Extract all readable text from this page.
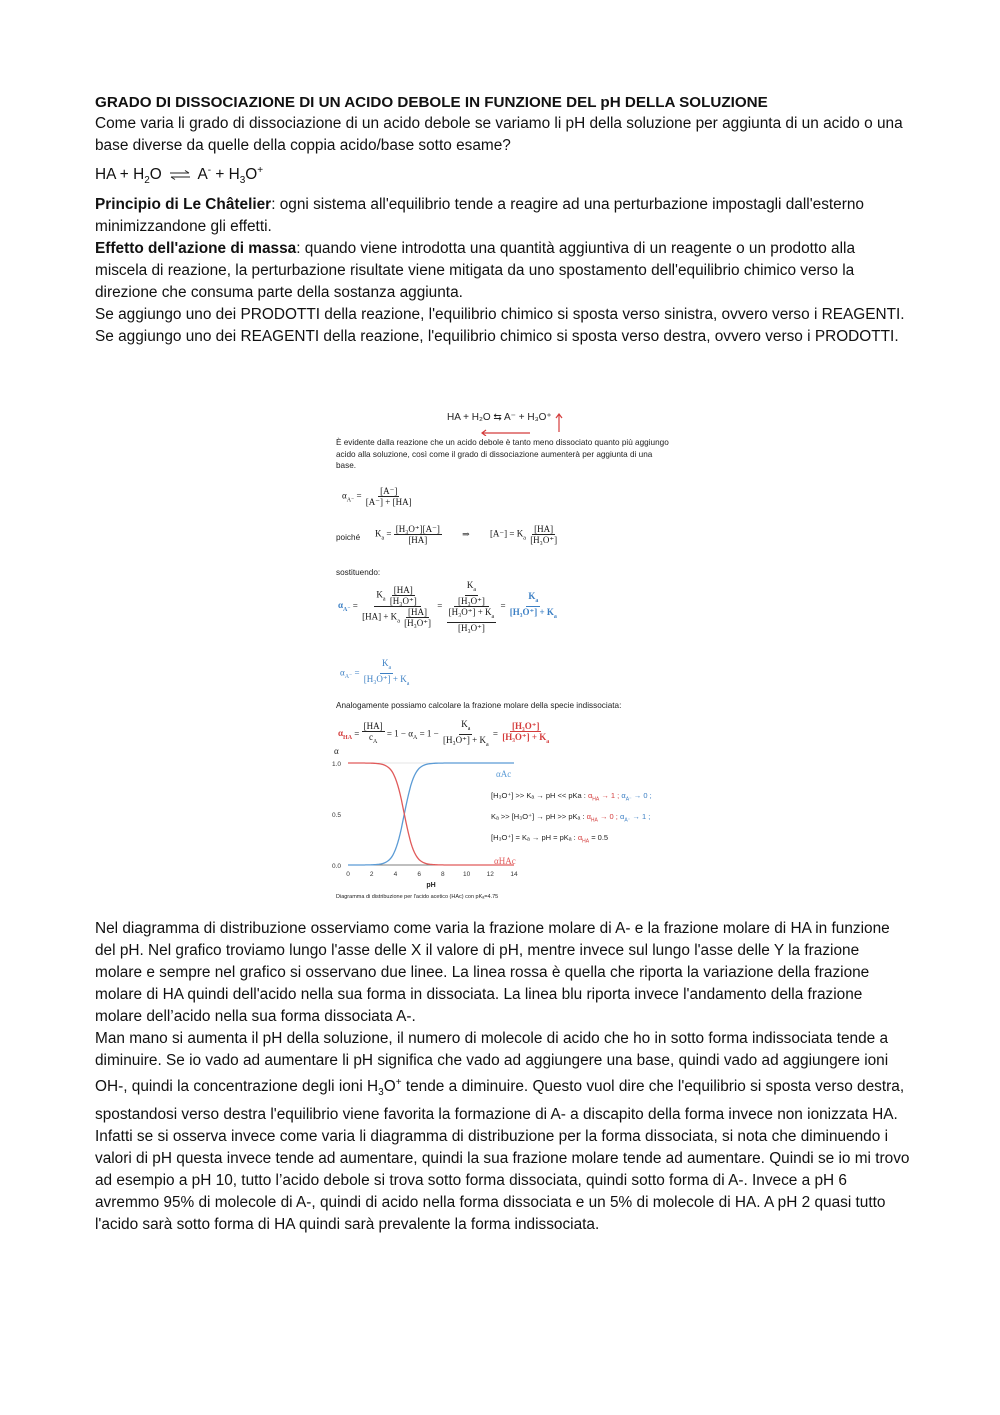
GRADO DI DISSOCIAZIONE DI UN ACIDO DEBOLE IN FUNZIONE DEL pH DELLA SOLUZIONE

Come varia li grado di dissociazione di un acido debole se variamo li pH della soluzione per aggiunta di un acido o una base diverse da quelle della coppia acido/base sotto esame?

HA + $H_2O$ ⇌ $A^- + H_3O^+$

Principio di Le Châtelier: ogni sistema all'equilibrio tende a reagire ad una perturbazione impostagli dall'esterno minimizzandone gli effetti.

Effetto dell'azione di massa: quando viene introdotta una quantità aggiuntiva di un reagente o un prodotto alla miscela di reazione, la perturbazione risultate viene mitigata da uno spostamento dell'equilibrio chimico verso la direzione che consuma parte della sostanza aggiunta.

Se aggiungo uno dei PRODOTTI della reazione, l'equilibrio chimico si sposta verso sinistra, ovvero verso i REAGENTI.

Se aggiungo uno dei REAGENTI della reazione, l'equilibrio chimico si sposta verso destra, ovvero verso i PRODOTTI.

HA + H₂O ⇆ A⁻ + H₃O⁺
È evidente dalla reazione che un acido debole è tanto meno dissociato quanto più aggiungo acido alla soluzione, così come il grado di dissociazione aumenterà per aggiunta di una base.
$\alpha_{A^-} = \frac{[A^-]}{[A^-] + [HA]}$
poiché $K_a = \frac{\text{[H₃O⁺][A⁻]}}{[HA]}$ ⇒ $[A^-] = K_a \frac{[HA]}{\text{[H₃O⁺]}}$
sostituendo:
$\alpha_{A^-} = \frac{K_a \frac{[HA]}{\text{[H₃O⁺]}}}{[HA] + K_a \frac{[HA]}{\text{[H₃O⁺]}}} = \frac{\frac{K_a}{\text{[H₃O⁺]}}}{\frac{[H_3O^+] + K_a}{\text{[H₃O⁺]}}} = \frac{K_a}{[H_3O^+] + K_a}$
$\alpha_{A^-} = \frac{K_a}{[H_3O^+] + K_a}$
Analogamente possiamo calcolare la frazione molare della specie indissociata:
$\alpha_{HA} = \frac{[HA]}{c_A} = 1 - \alpha_A = 1 - \frac{K_a}{[H_3O^+] + K_a} = \frac{\text{[H₃O⁺]}}{[H_3O^+] + K_a}$
α
0.0
0.5
1.0
0	2	4	6	8	10	12	14
pH
αAc
αHAc
[H₃O⁺] >> Kₐ → pH << pKa : $\alpha_{HA} \to 1$ ; $\alpha_{A^-} \to 0$ ;
Kₐ >> [H₃O⁺] → pH >> pKₐ : $\alpha_{HA} \to 0$ ; $\alpha_{A^-} \to 1$ ;
[H₃O⁺] = Kₐ → pH = pKₐ : $\alpha_{HA} = 0.5$
Diagramma di distribuzione per l'acido acetico (HAc) con pKₐ=4.75

Nel diagramma di distribuzione osserviamo come varia la frazione molare di A- e la frazione molare di HA in funzione del pH. Nel grafico troviamo lungo l'asse delle X il valore di pH, mentre invece sul lungo l'asse delle Y la frazione molare e sempre nel grafico si osservano due linee. La linea rossa è quella che riporta la variazione della frazione molare di HA quindi dell'acido nella sua forma in dissociata. La linea blu riporta invece l'andamento della frazione molare dell’acido nella sua forma dissociata A-.

Man mano si aumenta il pH della soluzione, il numero di molecole di acido che ho in sotto forma indissociata tende a diminuire. Se io vado ad aumentare li pH significa che vado ad aggiungere una base, quindi vado ad aggiungere ioni OH-, quindi la concentrazione degli ioni $H_3O^+$ tende a diminuire. Questo vuol dire che l'equilibrio si sposta verso destra, spostandosi verso destra l'equilibrio viene favorita la formazione di A- a discapito della forma invece non ionizzata HA.

Infatti se si osserva invece come varia li diagramma di distribuzione per la forma dissociata, si nota che diminuendo i valori di pH questa invece tende ad aumentare, quindi la sua frazione molare tende ad aumentare. Quindi se io mi trovo ad esempio a pH 10, tutto l’acido debole si trova sotto forma dissociata, quindi sotto forma di A-. Invece a pH 6 avremmo 95% di molecole di A-, quindi di acido nella forma dissociata e un 5% di molecole di HA. A pH 2 quasi tutto l'acido sarà sotto forma di HA quindi sarà prevalente la forma indissociata.
